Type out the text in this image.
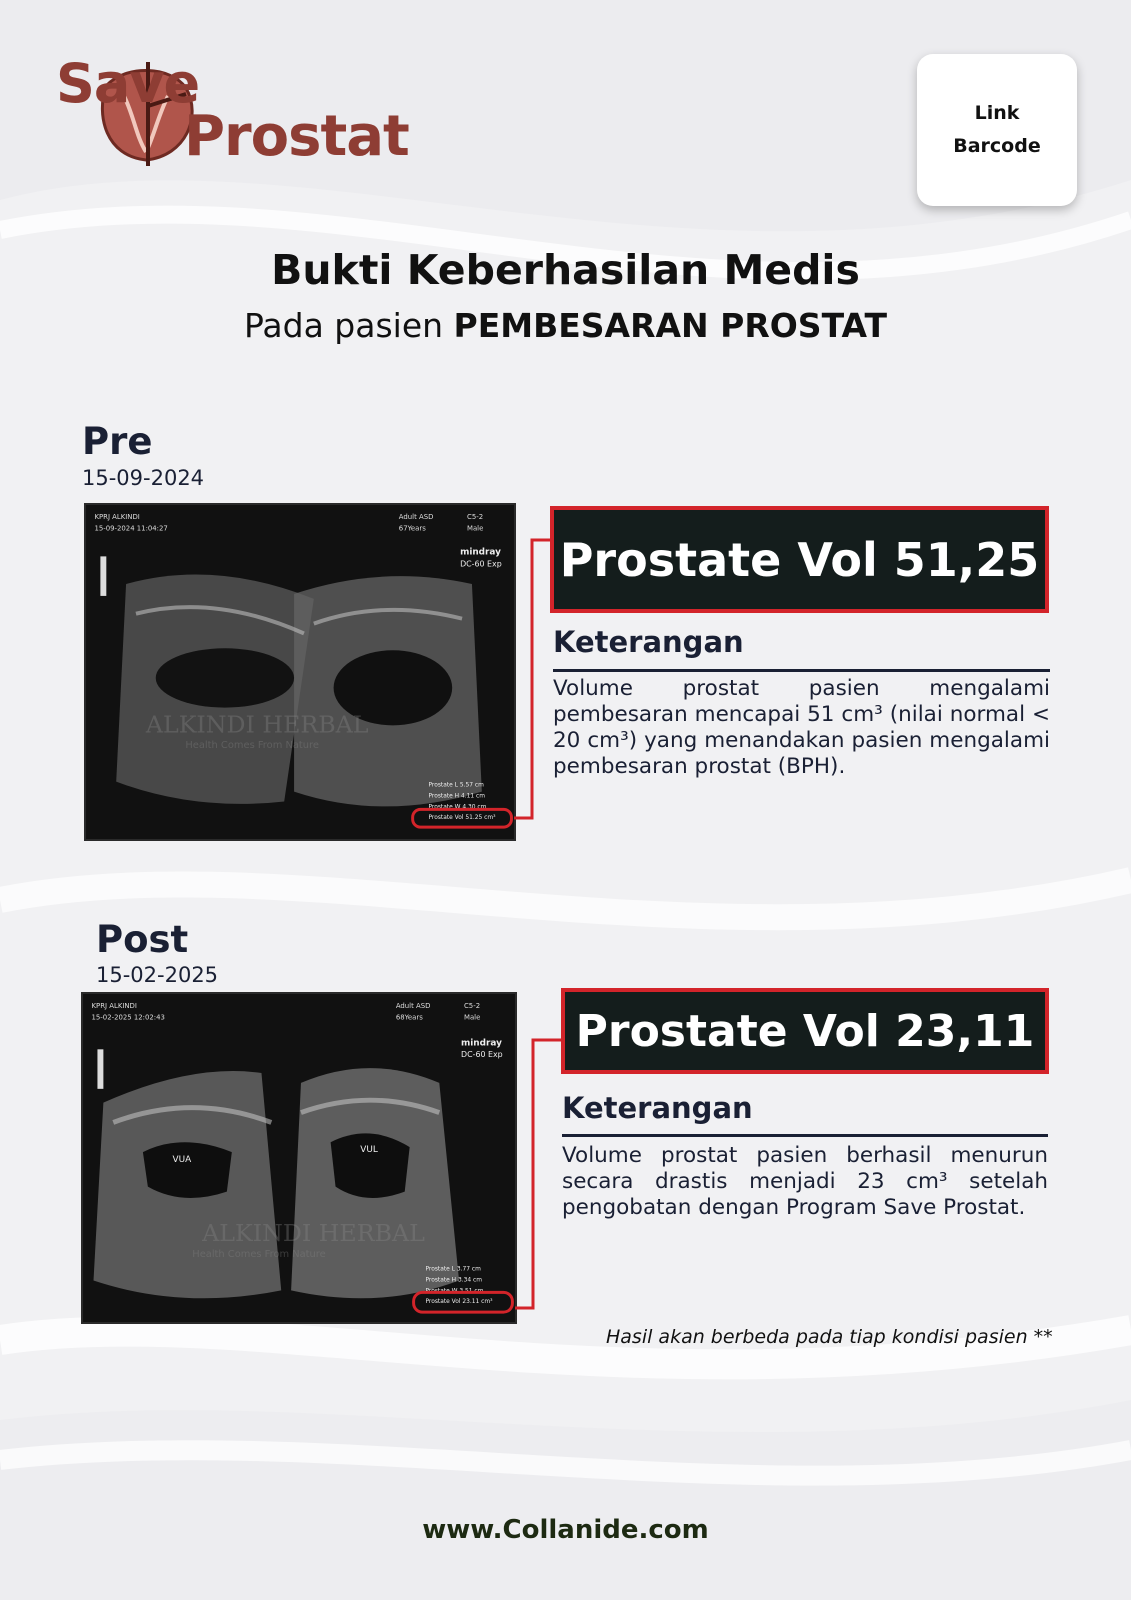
Save
Prostat	Link
Barcode
Bukti Keberhasilan Medis
Pada pasien PEMBESARAN PROSTAT
Pre
15-09-2024
KPRJ ALKINDI
15-09-2024 11:04:27
Adult ASD
67Years
C5-2
Male
mindray
DC-60 Exp
ALKINDI HERBAL
Health Comes From Nature
Prostate L 5.57 cm
Prostate H 4.11 cm
Prostate W 4.30 cm
Prostate Vol 51.25 cm³
Prostate Vol 51,25
Keterangan
Volume prostat pasien mengalami pembesaran mencapai 51 cm³ (nilai normal < 20 cm³) yang menandakan pasien mengalami pembesaran prostat (BPH).
Post
15-02-2025
VUA
VUL
KPRJ ALKINDI
15-02-2025 12:02:43
Adult ASD
68Years
C5-2
Male
mindray
DC-60 Exp
ALKINDI HERBAL
Health Comes From Nature
Prostate L 3.77 cm
Prostate H 3.34 cm
Prostate W 3.51 cm
Prostate Vol 23.11 cm³
Prostate Vol 23,11
Keterangan
Volume prostat pasien berhasil menurun secara drastis menjadi 23 cm³ setelah pengobatan dengan Program Save Prostat.
Hasil akan berbeda pada tiap kondisi pasien **
www.Collanide.com
